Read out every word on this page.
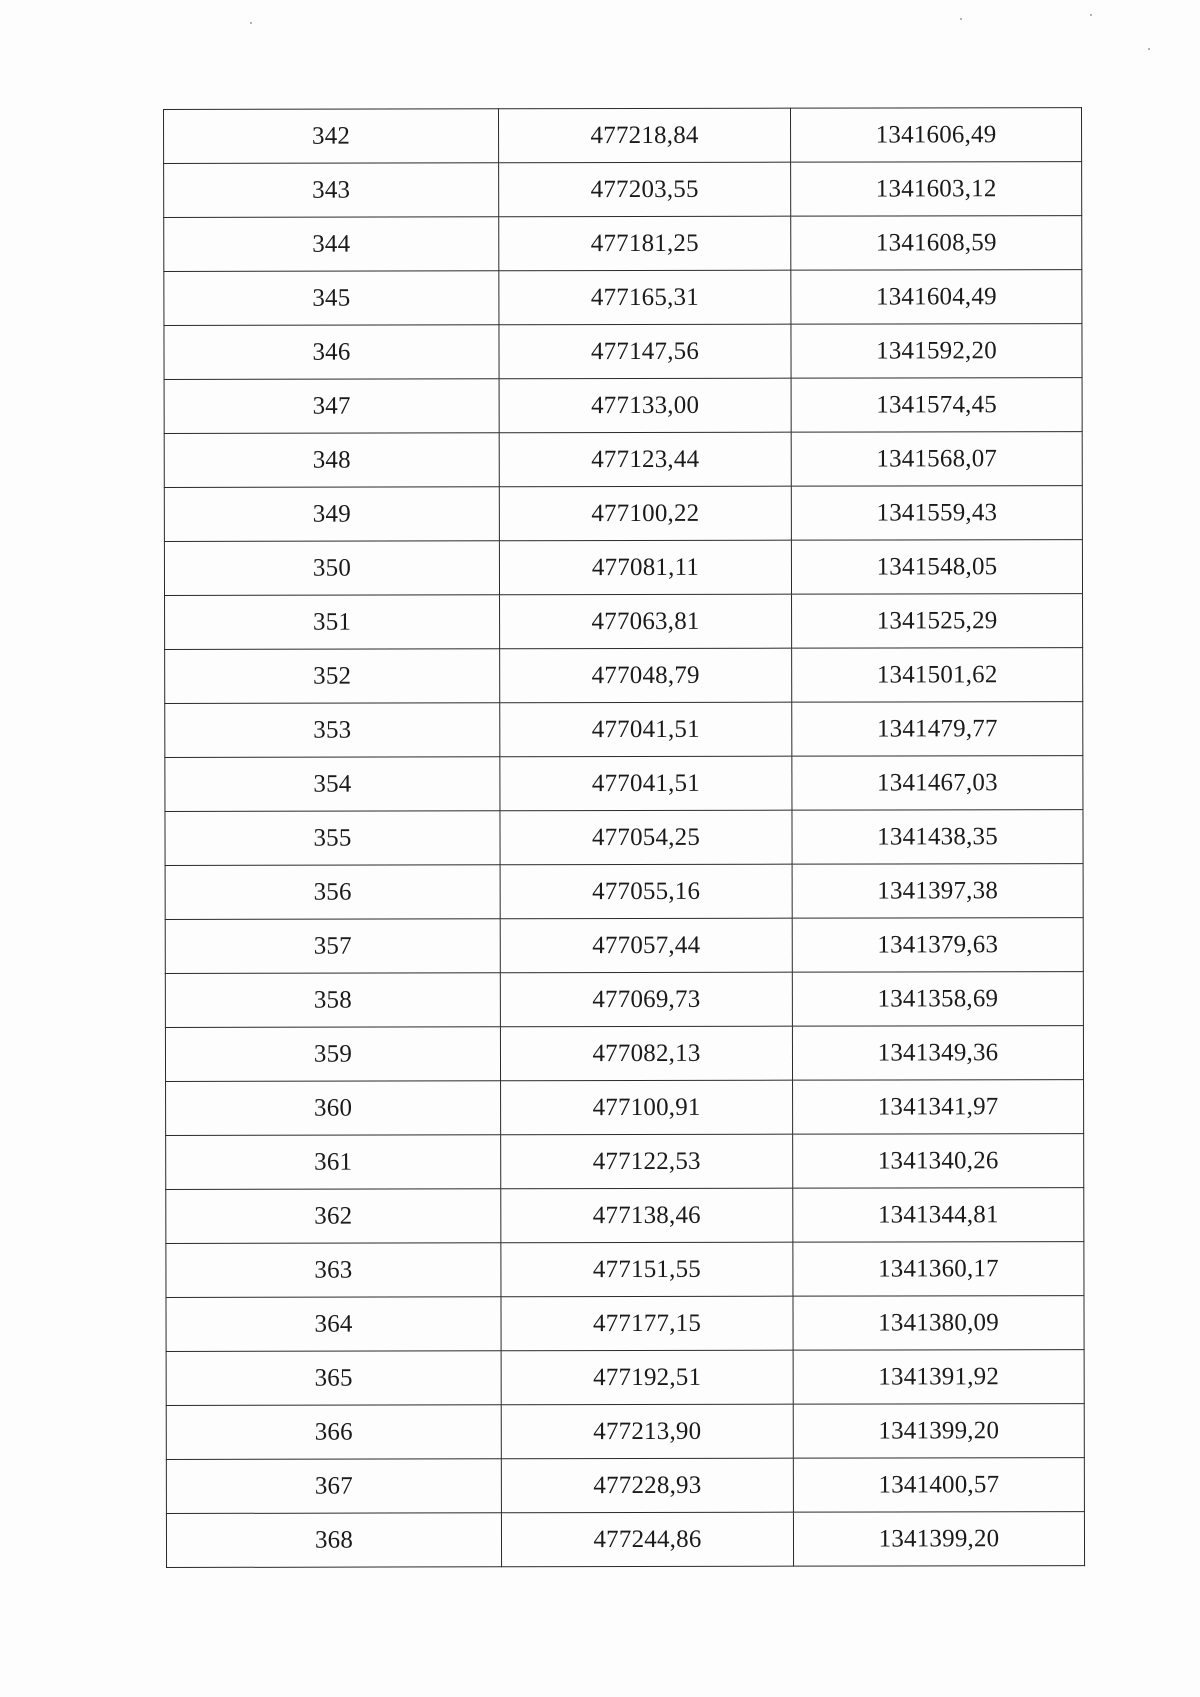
342	477218,84	1341606,49
343	477203,55	1341603,12
344	477181,25	1341608,59
345	477165,31	1341604,49
346	477147,56	1341592,20
347	477133,00	1341574,45
348	477123,44	1341568,07
349	477100,22	1341559,43
350	477081,11	1341548,05
351	477063,81	1341525,29
352	477048,79	1341501,62
353	477041,51	1341479,77
354	477041,51	1341467,03
355	477054,25	1341438,35
356	477055,16	1341397,38
357	477057,44	1341379,63
358	477069,73	1341358,69
359	477082,13	1341349,36
360	477100,91	1341341,97
361	477122,53	1341340,26
362	477138,46	1341344,81
363	477151,55	1341360,17
364	477177,15	1341380,09
365	477192,51	1341391,92
366	477213,90	1341399,20
367	477228,93	1341400,57
368	477244,86	1341399,20
